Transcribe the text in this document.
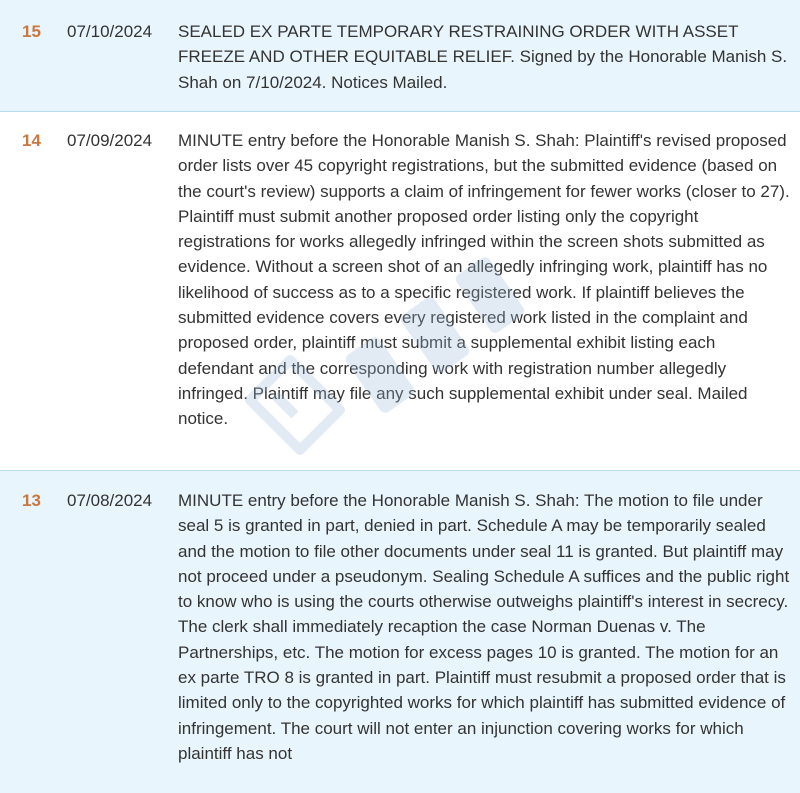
15 07/10/2024 SEALED EX PARTE TEMPORARY RESTRAINING ORDER WITH ASSET FREEZE AND OTHER EQUITABLE RELIEF. Signed by the Honorable Manish S. Shah on 7/10/2024. Notices Mailed.

14 07/09/2024 MINUTE entry before the Honorable Manish S. Shah: Plaintiff's revised proposed order lists over 45 copyright registrations, but the submitted evidence (based on the court's review) supports a claim of infringement for fewer works (closer to 27). Plaintiff must submit another proposed order listing only the copyright registrations for works allegedly infringed within the screen shots submitted as evidence. Without a screen shot of an allegedly infringing work, plaintiff has no likelihood of success as to a specific registered work. If plaintiff believes the submitted evidence covers every registered work listed in the complaint and proposed order, plaintiff must submit a supplemental exhibit listing each defendant and the corresponding work with registration number allegedly infringed. Plaintiff may file any such supplemental exhibit under seal. Mailed notice.

13 07/08/2024 MINUTE entry before the Honorable Manish S. Shah: The motion to file under seal 5 is granted in part, denied in part. Schedule A may be temporarily sealed and the motion to file other documents under seal 11 is granted. But plaintiff may not proceed under a pseudonym. Sealing Schedule A suffices and the public right to know who is using the courts otherwise outweighs plaintiff's interest in secrecy. The clerk shall immediately recaption the case Norman Duenas v. The Partnerships, etc. The motion for excess pages 10 is granted. The motion for an ex parte TRO 8 is granted in part. Plaintiff must resubmit a proposed order that is limited only to the copyrighted works for which plaintiff has submitted evidence of infringement. The court will not enter an injunction covering works for which plaintiff has not
